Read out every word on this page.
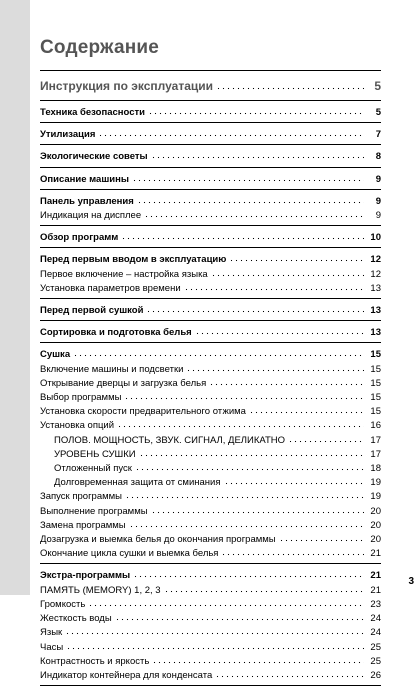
Содержание
Инструкция по эксплуатации	5
Техника безопасности	5
Утилизация	7
Экологические советы	8
Описание машины	9
Панель управления	9
Индикация на дисплее	9
Обзор программ	10
Перед первым вводом в эксплуатацию	12
Первое включение – настройка языка	12
Установка параметров времени	13
Перед первой сушкой	13
Сортировка и подготовка белья	13
Сушка	15
Включение машины и подсветки	15
Открывание дверцы и загрузка белья	15
Выбор программы	15
Установка скорости предварительного отжима	15
Установка опций	16
ПОЛОВ. МОЩНОСТЬ, ЗВУК. СИГНАЛ, ДЕЛИКАТНО	17
УРОВЕНЬ СУШКИ	17
Отложенный пуск	18
Долговременная защита от сминания	19
Запуск программы	19
Выполнение программы	20
Замена программы	20
Дозагрузка и выемка белья до окончания программы	20
Окончание цикла сушки и выемка белья	21
Экстра-программы	21
ПАМЯТЬ (MEMORY) 1, 2, 3	21
Громкость	23
Жесткость воды	24
Язык	24
Часы	25
Контрастность и яркость	25
Индикатор контейнера для конденсата	26
3
